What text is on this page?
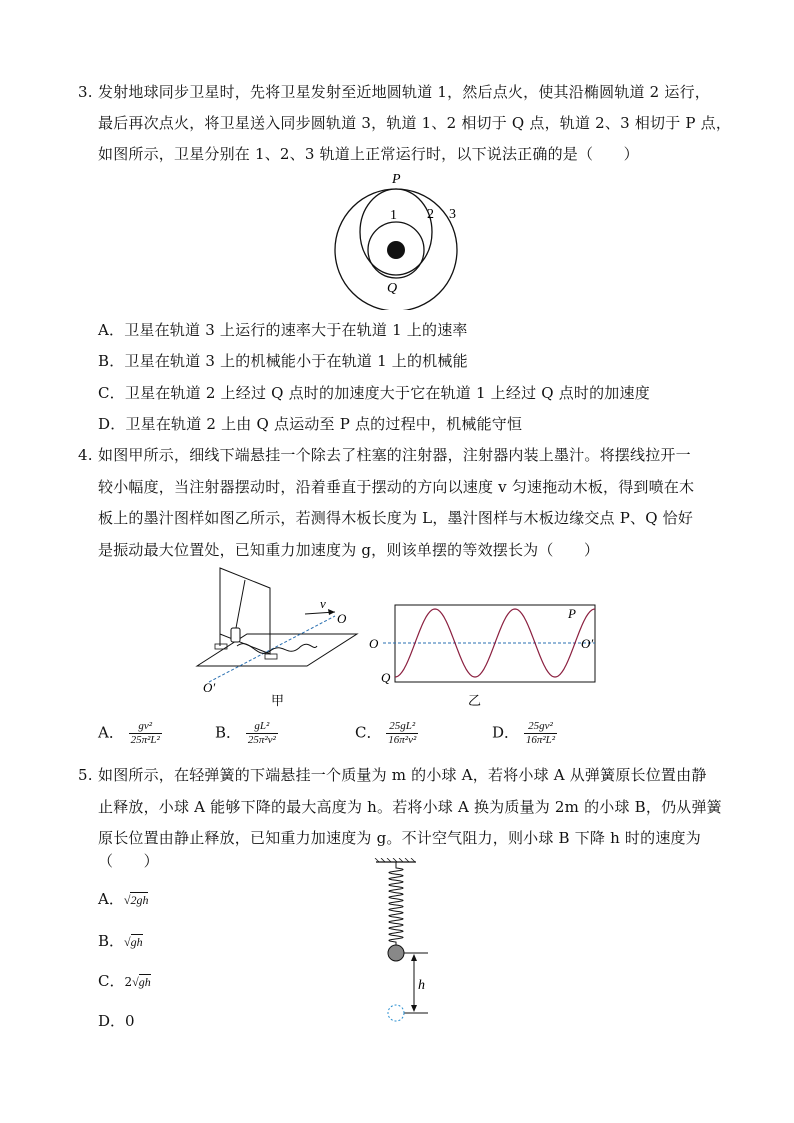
3. 发射地球同步卫星时，先将卫星发射至近地圆轨道 1，然后点火，使其沿椭圆轨道 2 运行，
最后再次点火，将卫星送入同步圆轨道 3，轨道 1、2 相切于 Q 点，轨道 2、3 相切于 P 点，
如图所示，卫星分别在 1、2、3 轨道上正常运行时，以下说法正确的是（　　）
P
Q
1 2 3
A．卫星在轨道 3 上运行的速率大于在轨道 1 上的速率
B．卫星在轨道 3 上的机械能小于在轨道 1 上的机械能
C．卫星在轨道 2 上经过 Q 点时的加速度大于它在轨道 1 上经过 Q 点时的加速度
D．卫星在轨道 2 上由 Q 点运动至 P 点的过程中，机械能守恒
4. 如图甲所示，细线下端悬挂一个除去了柱塞的注射器，注射器内装上墨汁。将摆线拉开一
较小幅度，当注射器摆动时，沿着垂直于摆动的方向以速度 v 匀速拖动木板，得到喷在木
板上的墨汁图样如图乙所示，若测得木板长度为 L，墨汁图样与木板边缘交点 P、Q 恰好
是振动最大位置处，已知重力加速度为 g，则该单摆的等效摆长为（　　）
v
O
O′
甲
P
Q
O	O′
乙
A． $\frac{\text{gv²}}{\text{25π²L²}}$	B． $\frac{\text{gL²}}{\text{25π²v²}}$	C． $\frac{\text{25gL²}}{\text{16π²v²}}$	D． $\frac{\text{25gv²}}{\text{16π²L²}}$
5. 如图所示，在轻弹簧的下端悬挂一个质量为 m 的小球 A，若将小球 A 从弹簧原长位置由静
止释放，小球 A 能够下降的最大高度为 h。若将小球 A 换为质量为 2m 的小球 B，仍从弹簧
原长位置由静止释放，已知重力加速度为 g。不计空气阻力，则小球 B 下降 h 时的速度为
（　　）
h
A．√2gh
B．√gh
C．2√gh
D．0
